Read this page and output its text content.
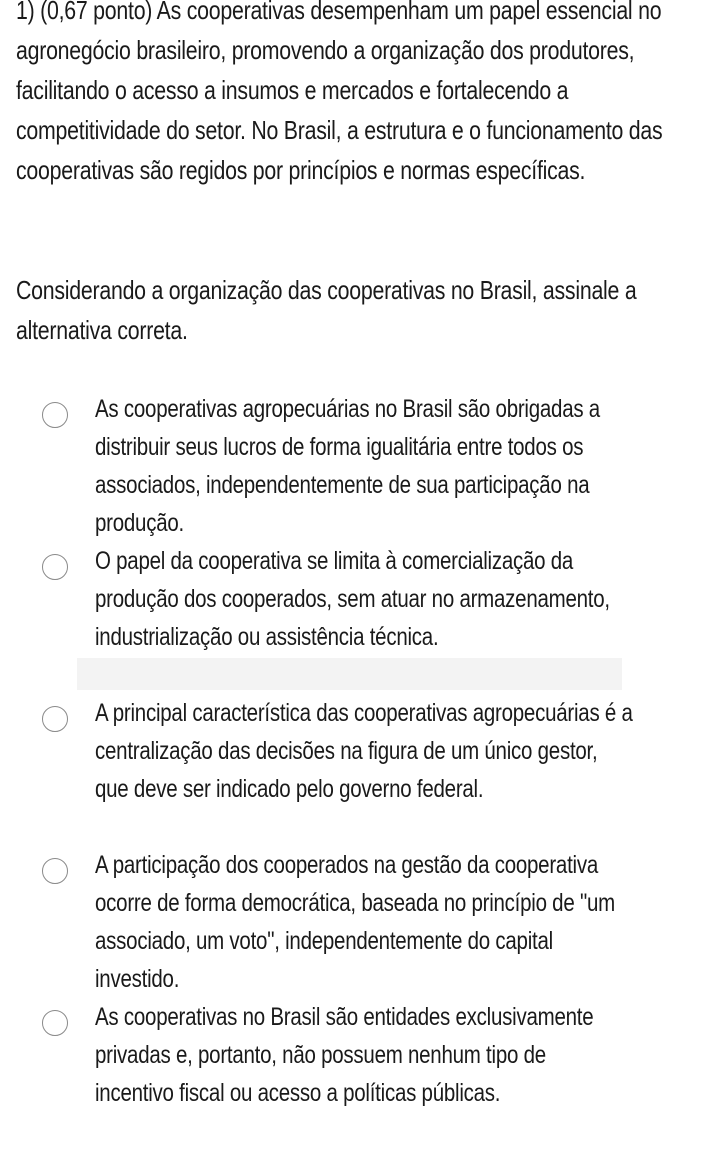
1) (0,67 ponto) As cooperativas desempenham um papel essencial no agronegócio brasileiro, promovendo a organização dos produtores, facilitando o acesso a insumos e mercados e fortalecendo a competitividade do setor. No Brasil, a estrutura e o funcionamento das cooperativas são regidos por princípios e normas específicas.
Considerando a organização das cooperativas no Brasil, assinale a alternativa correta.
As cooperativas agropecuárias no Brasil são obrigadas a distribuir seus lucros de forma igualitária entre todos os associados, independentemente de sua participação na produção.
O papel da cooperativa se limita à comercialização da produção dos cooperados, sem atuar no armazenamento, industrialização ou assistência técnica.
A principal característica das cooperativas agropecuárias é a centralização das decisões na figura de um único gestor, que deve ser indicado pelo governo federal.
A participação dos cooperados na gestão da cooperativa ocorre de forma democrática, baseada no princípio de "um associado, um voto", independentemente do capital investido.
As cooperativas no Brasil são entidades exclusivamente privadas e, portanto, não possuem nenhum tipo de incentivo fiscal ou acesso a políticas públicas.
